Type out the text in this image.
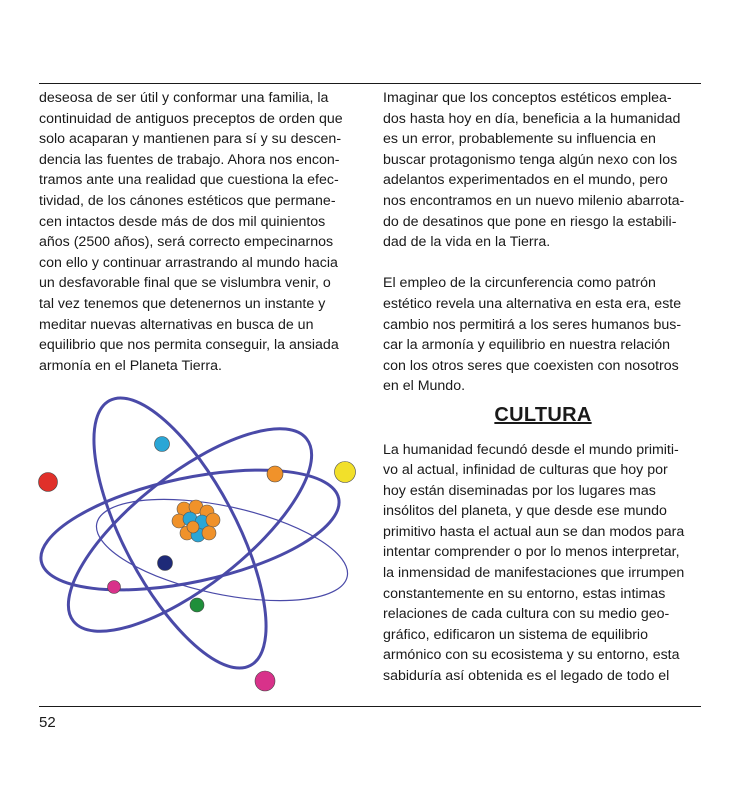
deseosa de ser útil y conformar una familia, la

continuidad de antiguos preceptos de orden que

solo acaparan y mantienen para sí y su descen-

dencia las fuentes de trabajo. Ahora nos encon-

tramos ante una realidad que cuestiona la efec-

tividad, de los cánones estéticos que permane-

cen intactos desde más de dos mil quinientos

años (2500 años), será correcto empecinarnos

con ello y continuar arrastrando al mundo hacia

un desfavorable final que se vislumbra venir, o

tal vez tenemos que detenernos un instante y

meditar nuevas alternativas en busca de un

equilibrio que nos permita conseguir, la ansiada

armonía en el Planeta Tierra.

Imaginar que los conceptos estéticos emplea-

dos hasta hoy en día, beneficia a la humanidad

es un error, probablemente su influencia en

buscar protagonismo tenga algún nexo con los

adelantos experimentados en el mundo, pero

nos encontramos en un nuevo milenio abarrota-

do de desatinos que pone en riesgo la estabili-

dad de la vida en la Tierra.

El empleo de la circunferencia como patrón

estético revela una alternativa en esta era, este

cambio nos permitirá a los seres humanos bus-

car la armonía y equilibrio en nuestra relación

con los otros seres que coexisten con nosotros

en el Mundo.

CULTURA

La humanidad fecundó desde el mundo primiti-

vo al actual, infinidad de culturas que hoy por

hoy están diseminadas por los lugares mas

insólitos del planeta, y que desde ese mundo

primitivo hasta el actual aun se dan modos para

intentar comprender o por lo menos interpretar,

la inmensidad de manifestaciones que irrumpen

constantemente en su entorno, estas intimas

relaciones de cada cultura con su medio geo-

gráfico, edificaron un sistema de equilibrio

armónico con su ecosistema y su entorno, esta

sabiduría así obtenida es el legado de todo el

52
